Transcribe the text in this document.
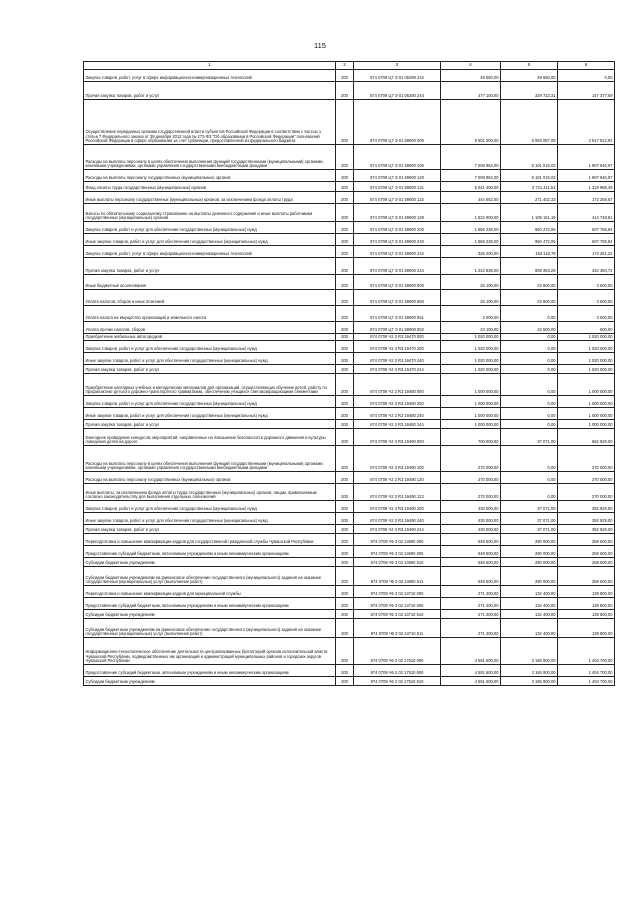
115
1	2	3	4	5	6
Закупка товаров, работ, услуг в сфере информационно-коммуникационных технологий	200	874 0709 Ц7 Э 01 06280 242	49 650,00	49 650,00	0,00
Прочая закупка товаров, работ и услуг	200	874 0709 Ц7 Э 01 06280 244	477 100,00	329 722,31	147 377,69
Осуществление переданных органам государственной власти субъектов Российской Федерации в соответствии с частью 1 статьи 7 Федерального закона от 29 декабря 2012 года № 273-ФЗ "Об образовании в Российской Федерации" полномочий Российской Федерации в сфере образования за счет субвенции, предоставленной из федерального бюджета	200	874 0709 Ц7 Э 01 59900 000	8 601 000,00	6 083 087,09	2 517 912,91
Расходы на выплаты персоналу в целях обеспечения выполнения функций государственными (муниципальными) органами, казенными учреждениями, органами управления государственными внебюджетными фондами	200	874 0709 Ц7 Э 01 59900 100	7 008 962,00	5 101 015,03	1 907 946,97
Расходы на выплаты персоналу государственных (муниципальных) органов	200	874 0709 Ц7 Э 01 59900 120	7 008 962,00	5 101 015,03	1 907 946,97
Фонд оплаты труда государственных (муниципальных) органов	200	874 0709 Ц7 Э 01 59900 121	5 041 400,00	3 721 411,51	1 319 988,49
Иные выплаты персоналу государственных (муниципальных) органов, за исключением фонда оплаты труда	200	874 0709 Ц7 Э 01 59900 122	444 662,00	271 402,33	173 259,67
Взносы по обязательному социальному страхованию на выплаты денежного содержания и иные выплаты работникам государственных (муниципальных) органов	200	874 0709 Ц7 Э 01 59900 129	1 522 900,00	1 108 151,19	414 748,81
Закупка товаров, работ и услуг для обеспечения государственных (муниципальных) нужд	200	874 0709 Ц7 Э 01 59900 200	1 566 238,00	960 472,06	607 765,94
Иные закупки товаров, работ и услуг для обеспечения государственных (муниципальных) нужд	200	874 0709 Ц7 Э 01 59900 240	1 566 238,00	960 472,06	607 765,94
Закупка товаров, работ, услуг в сфере информационно-коммуникационных технологий	200	874 0709 Ц7 Э 01 59900 242	325 400,00	152 118,78	173 281,22
Прочая закупка товаров, работ и услуг	200	874 0709 Ц7 Э 01 59900 244	1 242 838,00	808 353,28	434 484,72
Иные бюджетные ассигнования	200	874 0709 Ц7 Э 01 59900 800	25 100,00	22 500,00	2 600,00
Уплата налогов, сборов и иных платежей	200	874 0709 Ц7 Э 01 59900 850	25 100,00	22 500,00	2 600,00
Уплата налога на имущество организаций и земельного налога	200	874 0709 Ц7 Э 01 59900 851	2 000,00	0,00	2 000,00
Уплата прочих налогов, сборов	200	874 0709 Ц7 Э 01 59900 852	23 100,00	22 500,00	600,00
Приобретение мобильных автогородков	200	874 0709 Ч2 3 R3 19470 000	1 020 000,00	0,00	1 020 000,00
Закупка товаров, работ и услуг для обеспечения государственных (муниципальных) нужд	200	874 0709 Ч2 3 R3 19470 200	1 020 000,00	0,00	1 020 000,00
Иные закупки товаров, работ и услуг для обеспечения государственных (муниципальных) нужд	200	874 0709 Ч2 3 R3 19470 240	1 020 000,00	0,00	1 020 000,00
Прочая закупка товаров, работ и услуг	200	874 0709 Ч2 3 R3 19470 244	1 020 000,00	0,00	1 020 000,00
Приобретение наглядных учебных и методических материалов для организаций, осуществляющих обучение детей, работу по профилактике детского дорожно-транспортного травматизма, обеспечению учащихся световозвращающими элементами	200	874 0709 Ч2 3 R3 19480 000	1 000 000,00	0,00	1 000 000,00
Закупка товаров, работ и услуг для обеспечения государственных (муниципальных) нужд	200	874 0709 Ч2 3 R3 19480 200	1 000 000,00	0,00	1 000 000,00
Иные закупки товаров, работ и услуг для обеспечения государственных (муниципальных) нужд	200	874 0709 Ч2 3 R3 19480 240	1 000 000,00	0,00	1 000 000,00
Прочая закупка товаров, работ и услуг	200	874 0709 Ч2 3 R3 19480 244	1 000 000,00	0,00	1 000 000,00
Ежегодное проведение конкурсов, мероприятий, направленных на повышение безопасности дорожного движения и культуры поведения детей на дороге	200	874 0709 Ч2 3 R3 19490 000	700 000,00	37 071,00	662 929,00
Расходы на выплаты персоналу в целях обеспечения выполнения функций государственными (муниципальными) органами, казенными учреждениями, органами управления государственными внебюджетными фондами	200	874 0709 Ч2 3 R3 19490 100	270 000,00	0,00	270 000,00
Расходы на выплаты персоналу государственных (муниципальных) органов	200	874 0709 Ч2 3 R3 19490 120	270 000,00	0,00	270 000,00
Иные выплаты, за исключением фонда оплаты труда государственных (муниципальных) органов, лицам, привлекаемым согласно законодательству для выполнения отдельных полномочий	200	874 0709 Ч2 3 R3 19490 123	270 000,00	0,00	270 000,00
Закупка товаров, работ и услуг для обеспечения государственных (муниципальных) нужд	200	874 0709 Ч2 3 R3 19490 200	430 000,00	37 071,00	392 929,00
Иные закупки товаров, работ и услуг для обеспечения государственных (муниципальных) нужд	200	874 0709 Ч2 3 R3 19490 240	430 000,00	37 071,00	392 929,00
Прочая закупка товаров, работ и услуг	200	874 0709 Ч2 3 R3 19490 244	430 000,00	37 071,00	392 929,00
Переподготовка и повышение квалификации кадров для государственной гражданской службы Чувашской Республики	200	874 0709 Ч5 3 02 13690 000	548 600,00	290 000,00	258 600,00
Предоставление субсидий бюджетным, автономным учреждениям и иным некоммерческим организациям	200	874 0709 Ч5 3 02 13690 600	548 600,00	290 000,00	258 600,00
Субсидии бюджетным учреждениям	200	874 0709 Ч5 3 02 13690 610	548 600,00	290 000,00	258 600,00
Субсидии бюджетным учреждениям на финансовое обеспечение государственного (муниципального) задания на оказание государственных (муниципальных) услуг (выполнение работ)	200	874 0709 Ч5 3 02 13690 611	548 600,00	290 000,00	258 600,00
Переподготовка и повышение квалификации кадров для муниципальной службы	200	874 0709 Ч5 3 02 13710 000	271 200,00	132 400,00	138 800,00
Предоставление субсидий бюджетным, автономным учреждениям и иным некоммерческим организациям	200	874 0709 Ч5 3 02 13710 600	271 200,00	132 400,00	138 800,00
Субсидии бюджетным учреждениям	200	874 0709 Ч5 3 02 13710 610	271 200,00	132 400,00	138 800,00
Субсидии бюджетным учреждениям на финансовое обеспечение государственного (муниципального) задания на оказание государственных (муниципальных) услуг (выполнение работ)	200	874 0709 Ч5 3 02 13710 611	271 200,00	132 400,00	138 800,00
Информационно-технологическое обеспечение деятельности централизованных бухгалтерий органов исполнительной власти Чувашской Республики, подведомственных им организаций и администраций муниципальных районов и городских округов Чувашской Республики	200	874 0709 Ч6 2 02 17510 000	4 591 600,00	3 186 900,00	1 404 700,00
Предоставление субсидий бюджетным, автономным учреждениям и иным некоммерческим организациям	200	874 0709 Ч6 2 02 17510 600	4 591 600,00	3 186 900,00	1 404 700,00
Субсидии бюджетным учреждениям	200	874 0709 Ч6 2 02 17510 610	4 591 600,00	3 186 900,00	1 404 700,00
